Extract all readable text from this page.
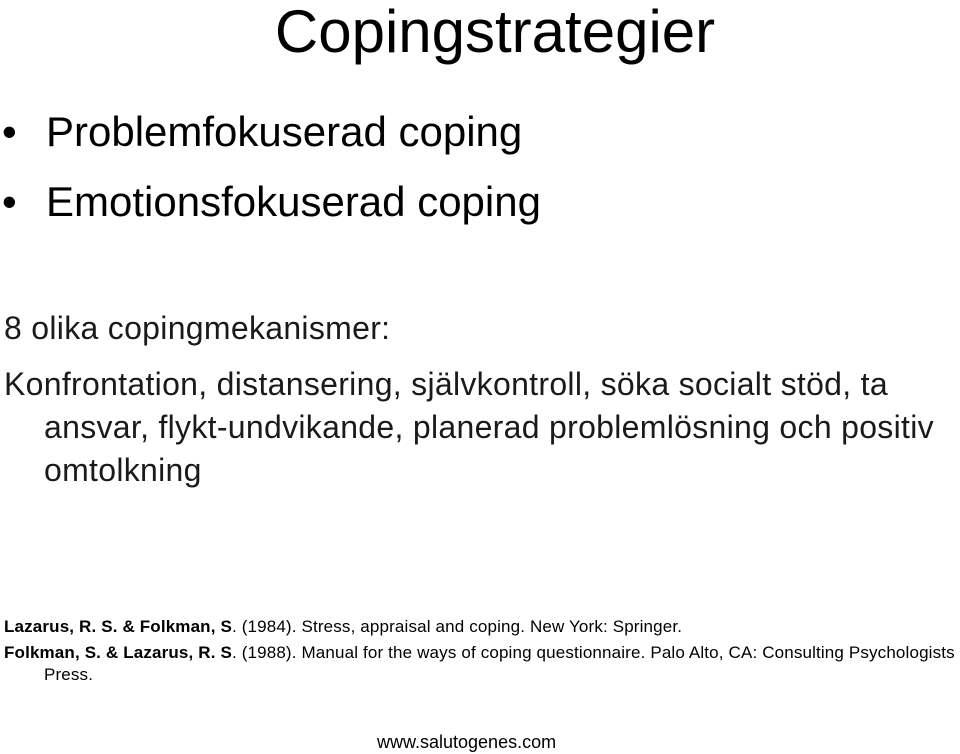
Copingstrategier
• Problemfokuserad coping
• Emotionsfokuserad coping
8 olika copingmekanismer:
Konfrontation, distansering, självkontroll, söka socialt stöd, ta ansvar, flykt-undvikande, planerad problemlösning och positiv omtolkning
Lazarus, R. S. & Folkman, S. (1984). Stress, appraisal and coping. New York: Springer.
Folkman, S. & Lazarus, R. S. (1988). Manual for the ways of coping questionnaire. Palo Alto, CA: Consulting Psychologists Press.
www.salutogenes.com
